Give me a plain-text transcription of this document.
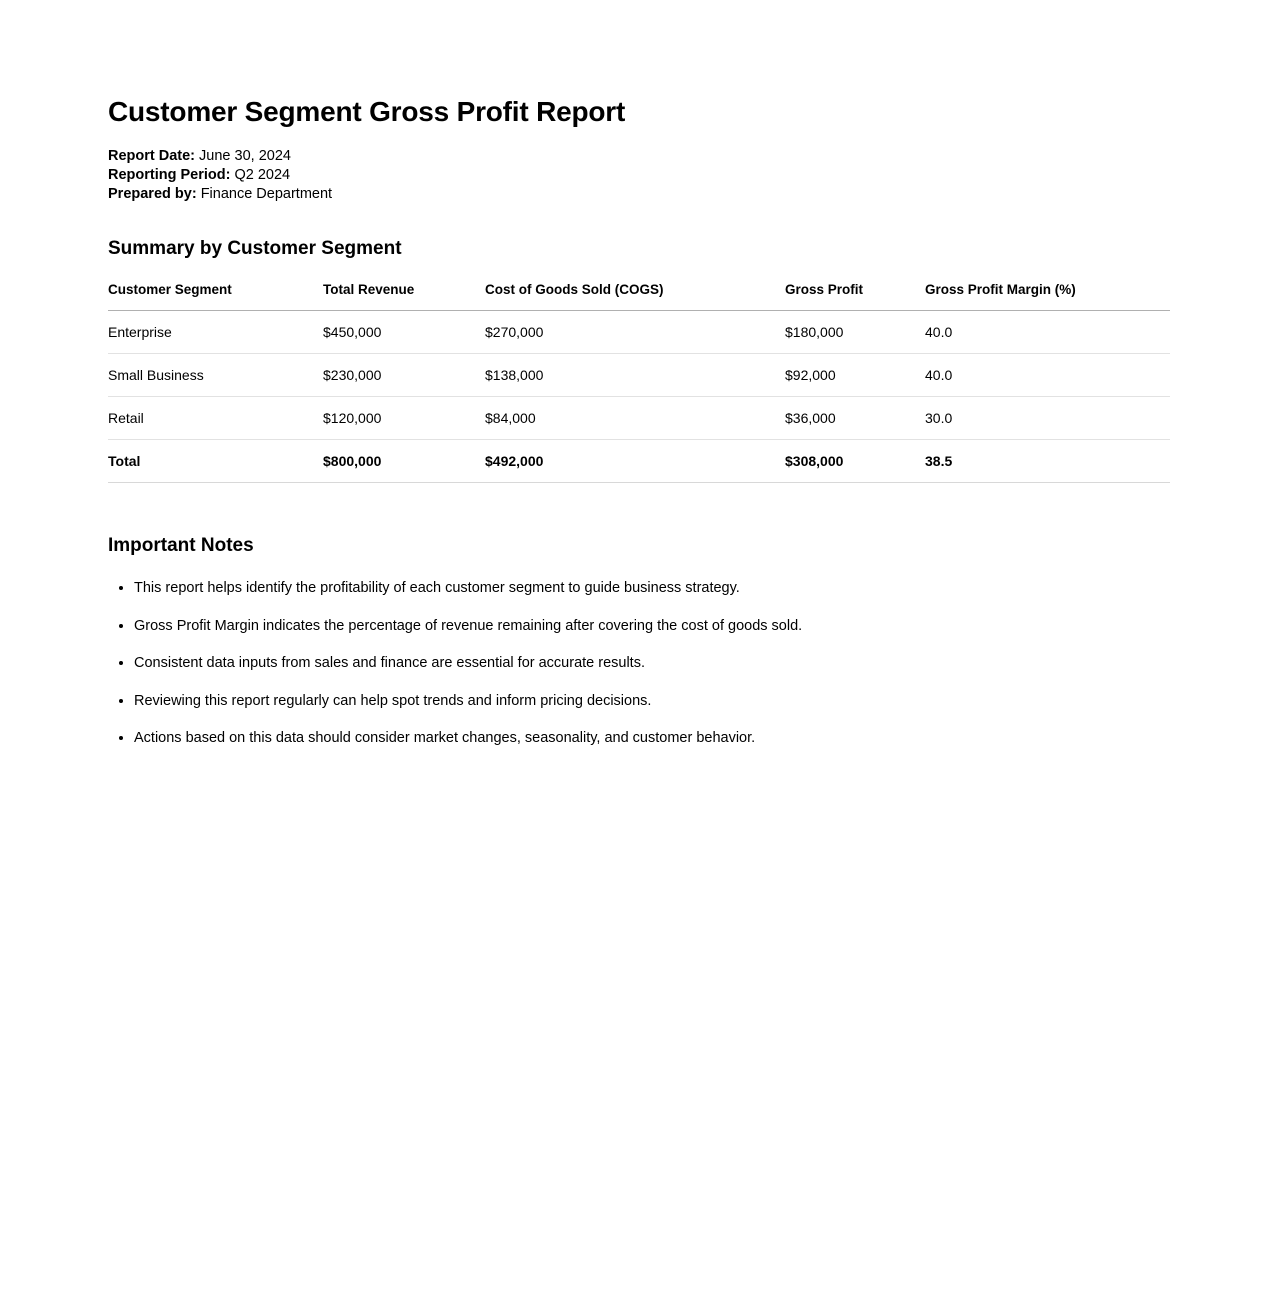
Customer Segment Gross Profit Report
Report Date: June 30, 2024
Reporting Period: Q2 2024
Prepared by: Finance Department
Summary by Customer Segment
Customer Segment	Total Revenue	Cost of Goods Sold (COGS)	Gross Profit	Gross Profit Margin (%)
Enterprise	$450,000	$270,000	$180,000	40.0
Small Business	$230,000	$138,000	$92,000	40.0
Retail	$120,000	$84,000	$36,000	30.0
Total	$800,000	$492,000	$308,000	38.5
Important Notes
• This report helps identify the profitability of each customer segment to guide business strategy.
• Gross Profit Margin indicates the percentage of revenue remaining after covering the cost of goods sold.
• Consistent data inputs from sales and finance are essential for accurate results.
• Reviewing this report regularly can help spot trends and inform pricing decisions.
• Actions based on this data should consider market changes, seasonality, and customer behavior.
